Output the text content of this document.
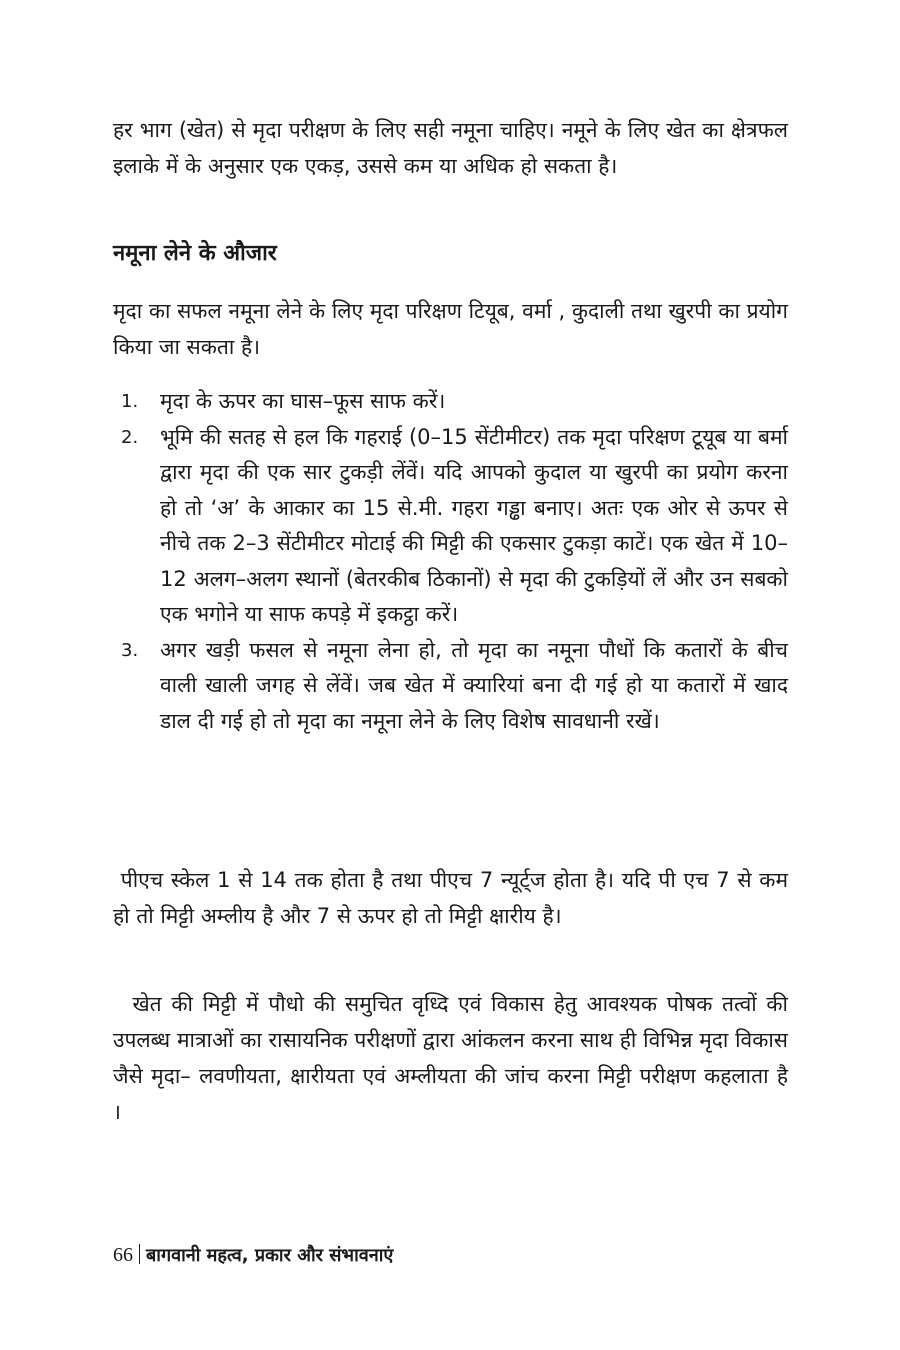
हर भाग (खेत) से मृदा परीक्षण के लिए सही नमूना चाहिए। नमूने के लिए खेत का क्षेत्रफल इलाके में के अनुसार एक एकड़, उससे कम या अधिक हो सकता है।

नमूना लेने के औजार

मृदा का सफल नमूना लेने के लिए मृदा परिक्षण टियूब, वर्मा , कुदाली तथा खुरपी का प्रयोग किया जा सकता है।

1. मृदा के ऊपर का घास–फूस साफ करें।
2. भूमि की सतह से हल कि गहराई (0–15 सेंटीमीटर) तक मृदा परिक्षण टूयूब या बर्मा द्वारा मृदा की एक सार टुकड़ी लेंवें। यदि आपको कुदाल या खुरपी का प्रयोग करना हो तो ‘अ’ के आकार का 15 से.मी. गहरा गड्ढा बनाए। अतः एक ओर से ऊपर से नीचे तक 2–3 सेंटीमीटर मोटाई की मिट्टी की एकसार टुकड़ा काटें। एक खेत में 10–12 अलग–अलग स्थानों (बेतरकीब ठिकानों) से मृदा की टुकड़ियों लें और उन सबको एक भगोने या साफ कपड़े में इकट्ठा करें।
3. अगर खड़ी फसल से नमूना लेना हो, तो मृदा का नमूना पौधों कि कतारों के बीच वाली खाली जगह से लेंवें। जब खेत में क्यारियां बना दी गई हो या कतारों में खाद डाल दी गई हो तो मृदा का नमूना लेने के लिए विशेष सावधानी रखें।

पीएच स्केल 1 से 14 तक होता है तथा पीएच 7 न्यूर्ट्ज होता है। यदि पी एच 7 से कम हो तो मिट्टी अम्लीय है और 7 से ऊपर हो तो मिट्टी क्षारीय है।

खेत की मिट्टी में पौधो की समुचित वृध्दि एवं विकास हेतु आवश्यक पोषक तत्वों की उपलब्ध मात्राओं का रासायनिक परीक्षणों द्वारा आंकलन करना साथ ही विभिन्न मृदा विकास जैसे मृदा– लवणीयता, क्षारीयता एवं अम्लीयता की जांच करना मिट्टी परीक्षण कहलाता है  ।

66 बागवानी महत्व, प्रकार और संभावनाएं
